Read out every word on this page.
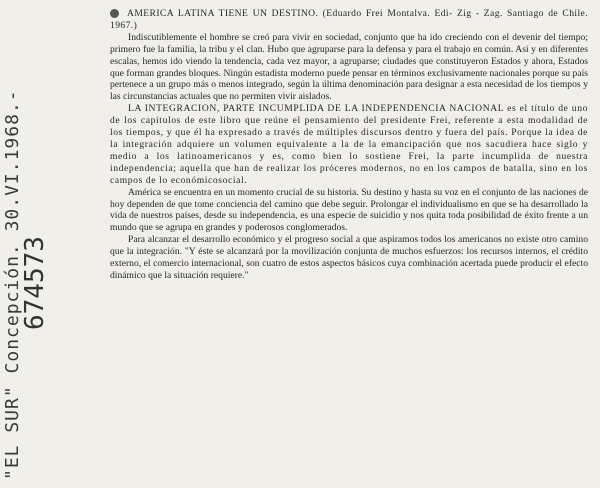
"EL SUR" Concepción. 30.VI.1968.-
674573

AMERICA LATINA TIENE UN DESTINO. (Eduardo Frei Montalva. Edi- Zig - Zag. Santiago de Chile. 1967.)

Indiscutiblemente el hombre se creó para vivir en sociedad, conjunto que ha ido creciendo con el devenir del tiempo; primero fue la familia, la tribu y el clan. Hubo que agruparse para la defensa y para el trabajo en común. Así y en diferentes escalas, hemos ido viendo la tendencia, cada vez mayor, a agruparse; ciudades que constituyeron Estados y ahora, Estados que forman grandes bloques. Ningún estadista moderno puede pensar en términos exclusivamente nacionales porque su país pertenece a un grupo más o menos integrado, según la última denominación para designar a esta necesidad de los tiempos y las circunstancias actuales que no permiten vivir aislados.

LA INTEGRACION, PARTE INCUMPLIDA DE LA INDEPENDENCIA NACIONAL es el título de uno de los capítulos de este libro que reúne el pensamiento del presidente Frei, referente a esta modalidad de los tiempos, y que él ha expresado a través de múltiples discursos dentro y fuera del país. Porque la idea de la integración adquiere un volumen equivalente a la de la emancipación que nos sacudiera hace siglo y medio a los latinoamericanos y es, como bien lo sostiene Frei, la parte incumplida de nuestra independencia; aquella que han de realizar los próceres modernos, no en los campos de batalla, sino en los campos de lo económicosocial.

América se encuentra en un momento crucial de su historia. Su destino y hasta su voz en el conjunto de las naciones de hoy dependen de que tome conciencia del camino que debe seguir. Prolongar el individualismo en que se ha desarrollado la vida de nuestros países, desde su independencia, es una especie de suicidio y nos quita toda posibilidad de éxito frente a un mundo que se agrupa en grandes y poderosos conglomerados.

Para alcanzar el desarrollo económico y el progreso social a que aspiramos todos los americanos no existe otro camino que la integración. "Y éste se alcanzará por la movilización conjunta de muchos esfuerzos: los recursos internos, el crédito externo, el comercio internacional, son cuatro de estos aspectos básicos cuya combinación acertada puede producir el efecto dinámico que la situación requiere."
